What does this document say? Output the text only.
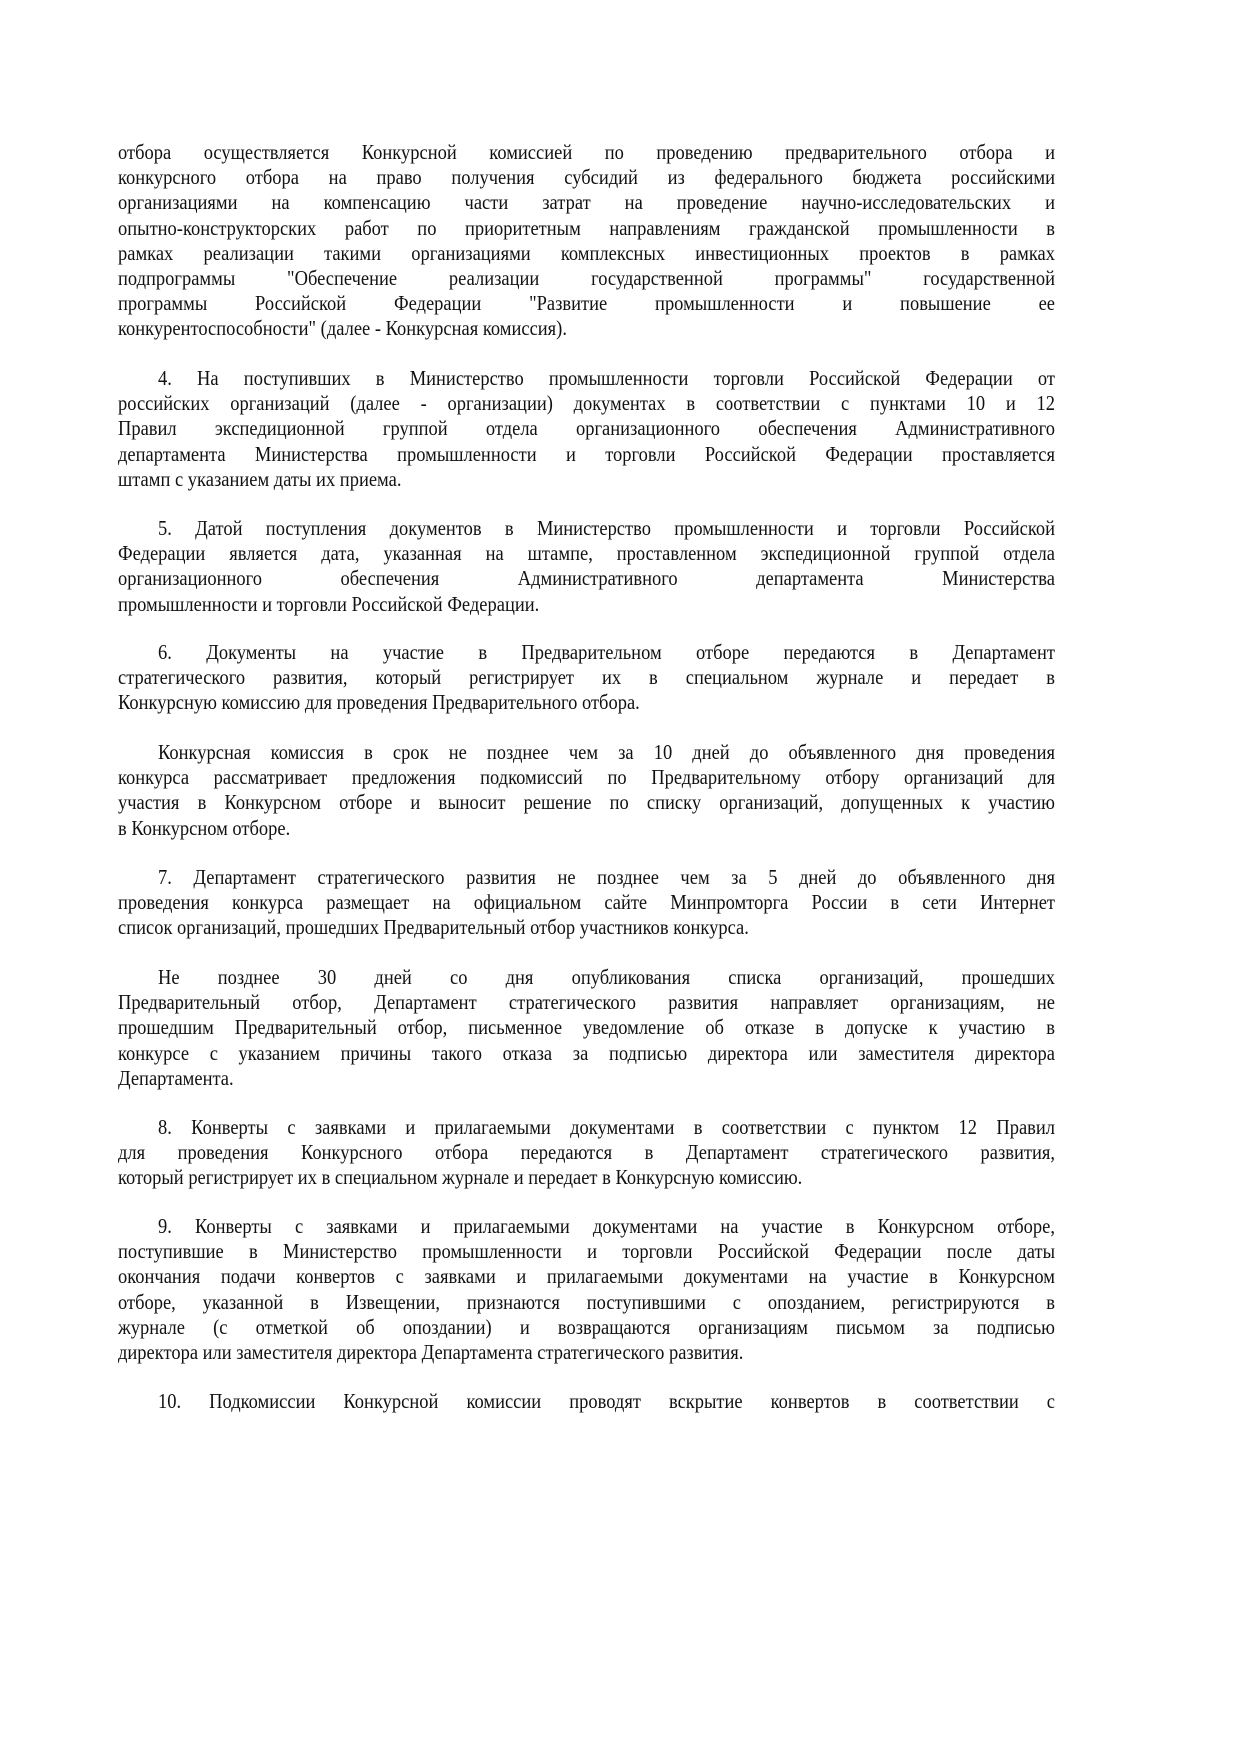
отбора осуществляется Конкурсной комиссией по проведению предварительного отбора и
конкурсного отбора на право получения субсидий из федерального бюджета российскими
организациями на компенсацию части затрат на проведение научно-исследовательских и
опытно-конструкторских работ по приоритетным направлениям гражданской промышленности в
рамках реализации такими организациями комплексных инвестиционных проектов в рамках
подпрограммы "Обеспечение реализации государственной программы" государственной
программы Российской Федерации "Развитие промышленности и повышение ее
конкурентоспособности" (далее - Конкурсная комиссия).
4. На поступивших в Министерство промышленности торговли Российской Федерации от
российских организаций (далее - организации) документах в соответствии с пунктами 10 и 12
Правил экспедиционной группой отдела организационного обеспечения Административного
департамента Министерства промышленности и торговли Российской Федерации проставляется
штамп с указанием даты их приема.
5. Датой поступления документов в Министерство промышленности и торговли Российской
Федерации является дата, указанная на штампе, проставленном экспедиционной группой отдела
организационного обеспечения Административного департамента Министерства
промышленности и торговли Российской Федерации.
6. Документы на участие в Предварительном отборе передаются в Департамент
стратегического развития, который регистрирует их в специальном журнале и передает в
Конкурсную комиссию для проведения Предварительного отбора.
Конкурсная комиссия в срок не позднее чем за 10 дней до объявленного дня проведения
конкурса рассматривает предложения подкомиссий по Предварительному отбору организаций для
участия в Конкурсном отборе и выносит решение по списку организаций, допущенных к участию
в Конкурсном отборе.
7. Департамент стратегического развития не позднее чем за 5 дней до объявленного дня
проведения конкурса размещает на официальном сайте Минпромторга России в сети Интернет
список организаций, прошедших Предварительный отбор участников конкурса.
Не позднее 30 дней со дня опубликования списка организаций, прошедших
Предварительный отбор, Департамент стратегического развития направляет организациям, не
прошедшим Предварительный отбор, письменное уведомление об отказе в допуске к участию в
конкурсе с указанием причины такого отказа за подписью директора или заместителя директора
Департамента.
8. Конверты с заявками и прилагаемыми документами в соответствии с пунктом 12 Правил
для проведения Конкурсного отбора передаются в Департамент стратегического развития,
который регистрирует их в специальном журнале и передает в Конкурсную комиссию.
9. Конверты с заявками и прилагаемыми документами на участие в Конкурсном отборе,
поступившие в Министерство промышленности и торговли Российской Федерации после даты
окончания подачи конвертов с заявками и прилагаемыми документами на участие в Конкурсном
отборе, указанной в Извещении, признаются поступившими с опозданием, регистрируются в
журнале (с отметкой об опоздании) и возвращаются организациям письмом за подписью
директора или заместителя директора Департамента стратегического развития.
10. Подкомиссии Конкурсной комиссии проводят вскрытие конвертов в соответствии с
